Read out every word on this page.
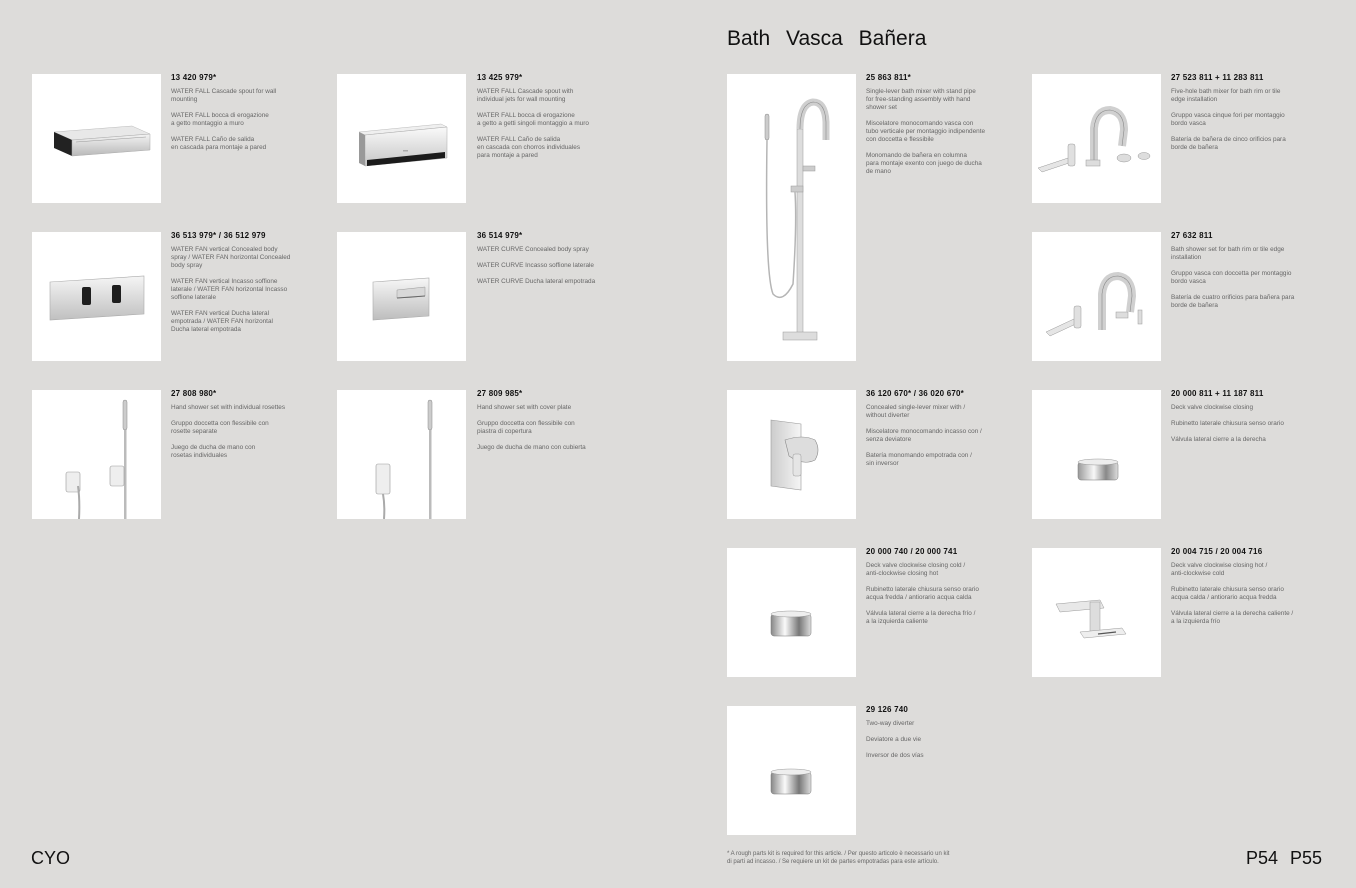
Bath Vasca Bañera
13 420 979*
WATER FALL Cascade spout for wall
mounting
WATER FALL bocca di erogazione
a getto montaggio a muro
WATER FALL Caño de salida
en cascada para montaje a pared
13 425 979*
WATER FALL Cascade spout with
individual jets for wall mounting
WATER FALL bocca di erogazione
a getto a getti singoli montaggio a muro
WATER FALL Caño de salida
en cascada con chorros individuales
para montaje a pared
36 513 979* / 36 512 979
WATER FAN vertical Concealed body
spray / WATER FAN horizontal Concealed
body spray
WATER FAN vertical Incasso soffione
laterale / WATER FAN horizontal Incasso
soffione laterale
WATER FAN vertical Ducha lateral
empotrada / WATER FAN horizontal
Ducha lateral empotrada
36 514 979*
WATER CURVE Concealed body spray
WATER CURVE Incasso soffione laterale
WATER CURVE Ducha lateral empotrada
27 808 980*
Hand shower set with individual rosettes
Gruppo doccetta con flessibile con
rosette separate
Juego de ducha de mano con
rosetas individuales
27 809 985*
Hand shower set with cover plate
Gruppo doccetta con flessibile con
piastra di copertura
Juego de ducha de mano con cubierta
25 863 811*
Single-lever bath mixer with stand pipe
for free-standing assembly with hand
shower set
Miscelatore monocomando vasca con
tubo verticale per montaggio indipendente
con doccetta e flessibile
Monomando de bañera en columna
para montaje exento con juego de ducha
de mano
27 523 811 + 11 283 811
Five-hole bath mixer for bath rim or tile
edge installation
Gruppo vasca cinque fori per montaggio
bordo vasca
Batería de bañera de cinco orificios para
borde de bañera
27 632 811
Bath shower set for bath rim or tile edge
installation
Gruppo vasca con doccetta per montaggio
bordo vasca
Batería de cuatro orificios para bañera para
borde de bañera
36 120 670* / 36 020 670*
Concealed single-lever mixer with /
without diverter
Miscelatore monocomando incasso con /
senza deviatore
Batería monomando empotrada con /
sin inversor
20 000 811 + 11 187 811
Deck valve clockwise closing
Rubinetto laterale chiusura senso orario
Válvula lateral cierre a la derecha
20 000 740 / 20 000 741
Deck valve clockwise closing cold /
anti-clockwise closing hot
Rubinetto laterale chiusura senso orario
acqua fredda / antiorario acqua calda
Válvula lateral cierre a la derecha frío /
a la izquierda caliente
20 004 715 / 20 004 716
Deck valve clockwise closing hot /
anti-clockwise cold
Rubinetto laterale chiusura senso orario
acqua calda / antiorario acqua fredda
Válvula lateral cierre a la derecha caliente /
a la izquierda frío
29 126 740
Two-way diverter
Deviatore a due vie
Inversor de dos vías
* A rough parts kit is required for this article. / Per questo articolo è necessario un kit
di parti ad incasso. / Se requiere un kit de partes empotradas para este artículo.
CYO	P54 P55
